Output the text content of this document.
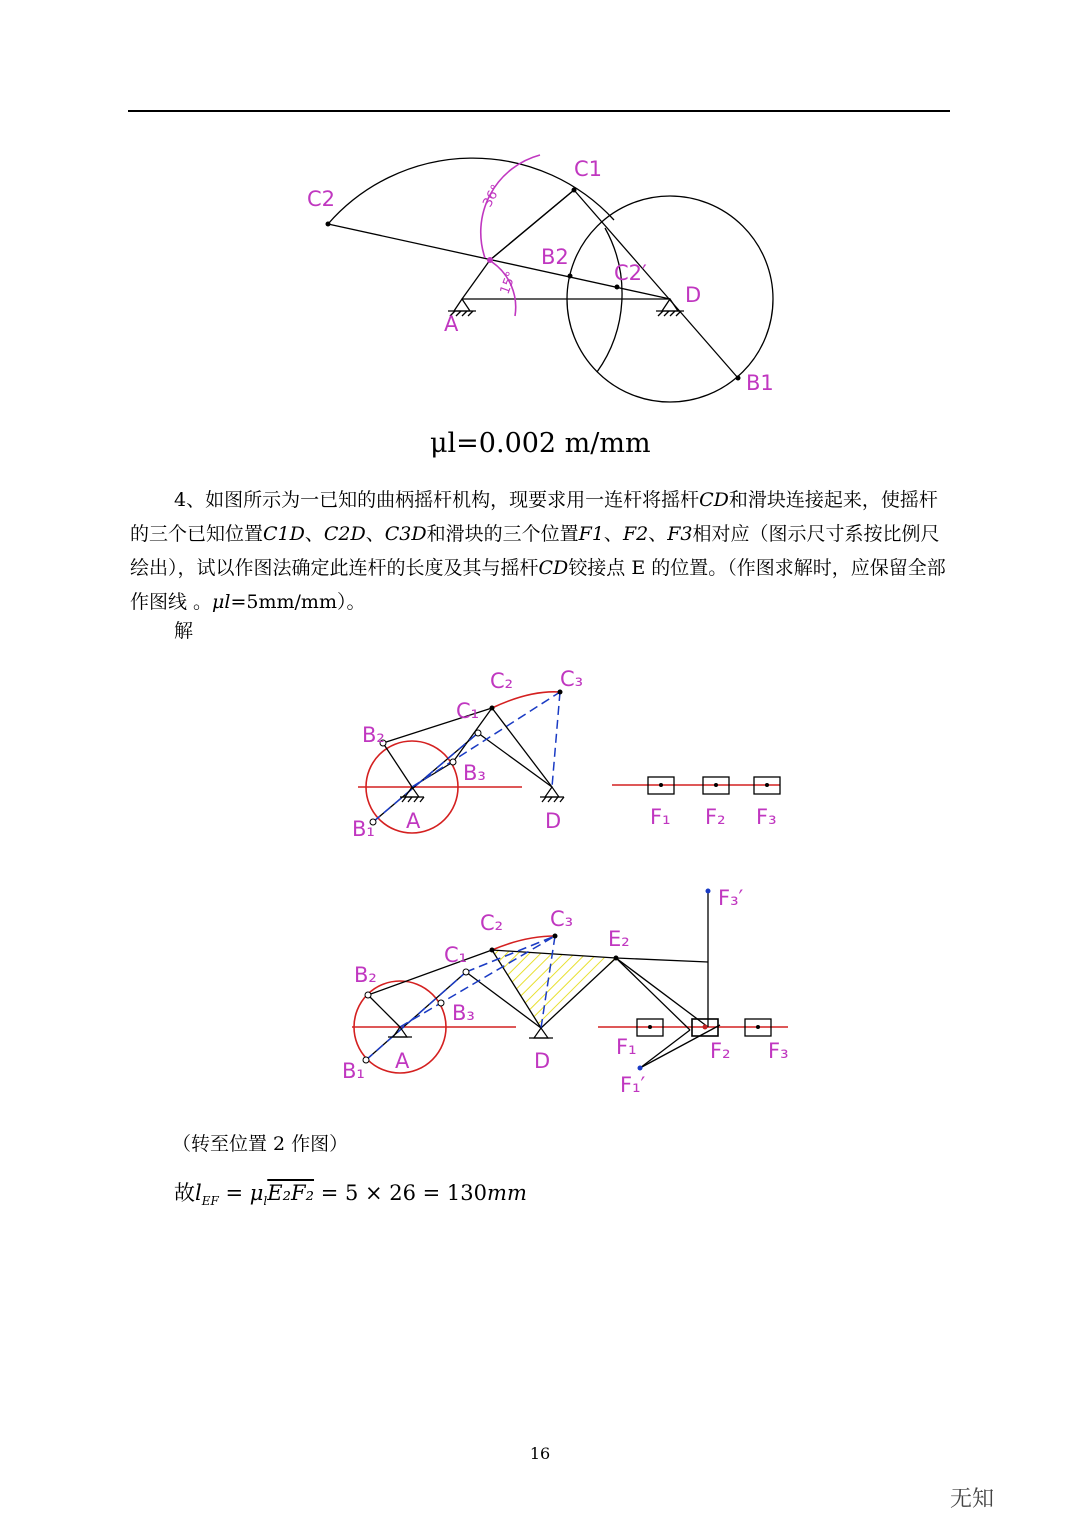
C2
C1
B2
C2′
A
D
B1
36°
15°
C₂ C₃
C₁
B₂
B₃
B₁ A	D	F₁ F₂ F₃
F₃′
C₂ C₃
C₁
E₂
B₂
B₃
B₁ A	D
F₁	F₂ F₃
F₁′
μl=0.002 m/mm
4、如图所示为一已知的曲柄摇杆机构，现要求用一连杆将摇杆CD和滑块连接起来，使摇杆的三个已知位置C1D、C2D、C3D和滑块的三个位置F1、F2、F3相对应（图示尺寸系按比例尺绘出），试以作图法确定此连杆的长度及其与摇杆CD铰接点 E 的位置。（作图求解时，应保留全部作图线 。μl=5mm/mm）。
解
（转至位置 2 作图）
故$l_{EF} = \mu_lE_2F_2 = 5 \times 26 = 130mm$
16
无知
